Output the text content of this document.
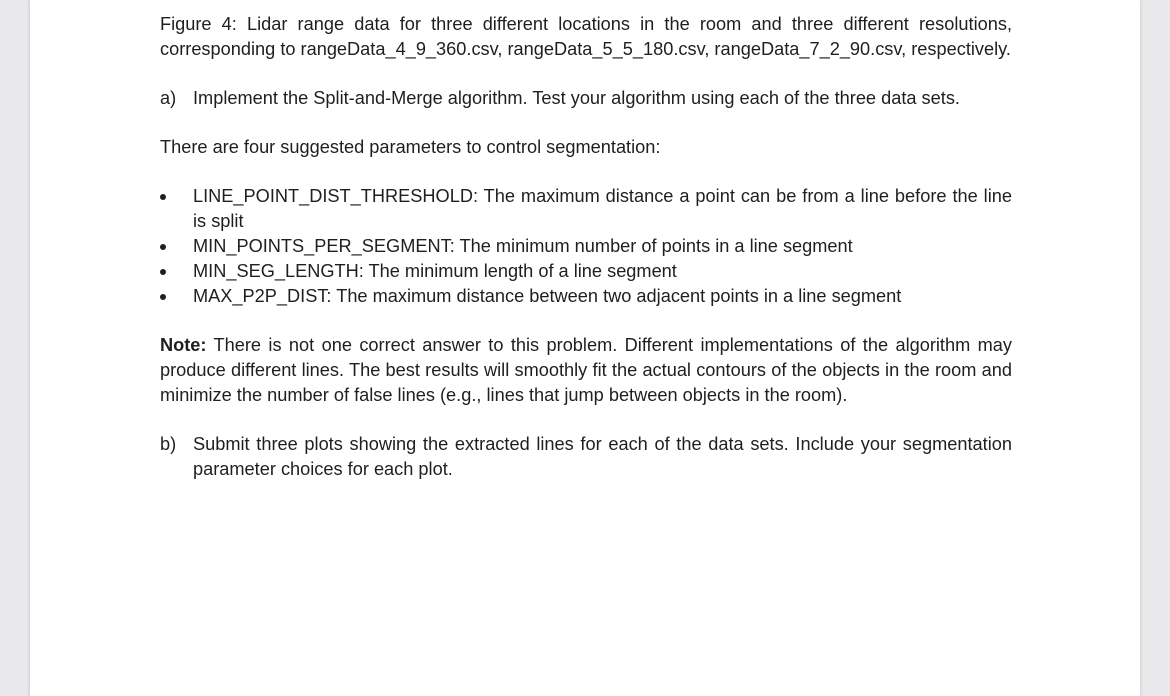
Figure 4: Lidar range data for three different locations in the room and three different resolutions, corresponding to rangeData_4_9_360.csv, rangeData_5_5_180.csv, rangeData_7_2_90.csv, respectively.

a) Implement the Split-and-Merge algorithm. Test your algorithm using each of the three data sets.

There are four suggested parameters to control segmentation:

LINE_POINT_DIST_THRESHOLD: The maximum distance a point can be from a line before the line is split
MIN_POINTS_PER_SEGMENT: The minimum number of points in a line segment
MIN_SEG_LENGTH: The minimum length of a line segment
MAX_P2P_DIST: The maximum distance between two adjacent points in a line segment

Note: There is not one correct answer to this problem. Different implementations of the algorithm may produce different lines. The best results will smoothly fit the actual contours of the objects in the room and minimize the number of false lines (e.g., lines that jump between objects in the room).

b) Submit three plots showing the extracted lines for each of the data sets. Include your segmentation parameter choices for each plot.
